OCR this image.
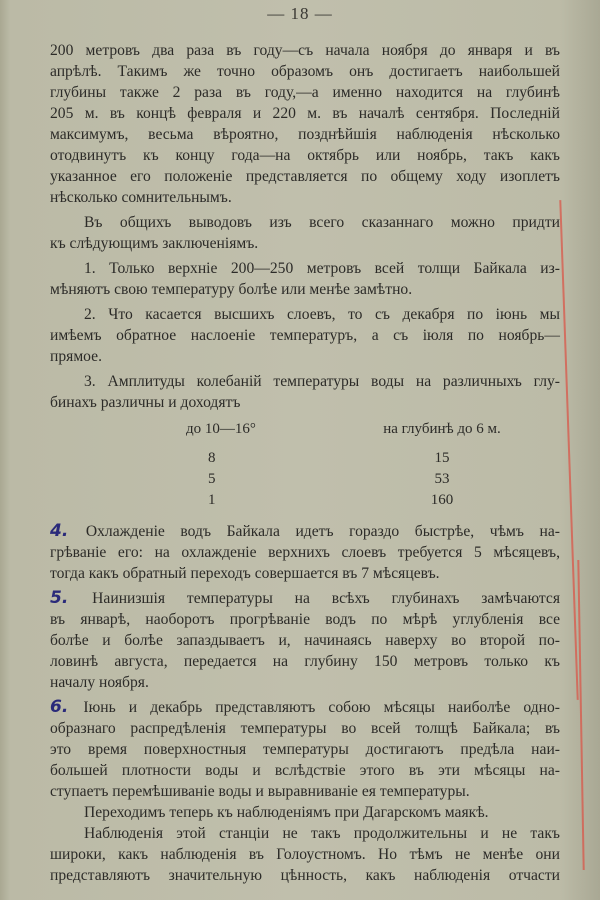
— 18 —
200 метровъ два раза въ году—съ начала ноября до января и въ
апрѣлѣ. Такимъ же точно образомъ онъ достигаетъ наибольшей
глубины также 2 раза въ году,—а именно находится на глубинѣ
205 м. въ концѣ февраля и 220 м. въ началѣ сентября. Последній
максимумъ, весьма вѣроятно, позднѣйшія наблюденія нѣсколько
отодвинутъ къ концу года—на октябрь или ноябрь, такъ какъ
указанное его положеніе представляется по общему ходу изоплетъ
нѣсколько сомнительнымъ.
Въ общихъ выводовъ изъ всего сказаннаго можно придти
къ слѣдующимъ заключеніямъ.
1. Только верхніе 200—250 метровъ всей толщи Байкала из-
мѣняютъ свою температуру болѣе или менѣе замѣтно.
2. Что касается высшихъ слоевъ, то съ декабря по іюнь мы
имѣемъ обратное наслоеніе температуръ, а съ іюля по ноябрь—
прямое.
3. Амплитуды колебаній температуры воды на различныхъ глу-
бинахъ различны и доходятъ
до 10—16°	на глубинѣ до 6 м.
8	15
5	53
1	160
4. Охлажденіе водъ Байкала идетъ гораздо быстрѣе, чѣмъ на-
грѣваніе его: на охлажденіе верхнихъ слоевъ требуется 5 мѣсяцевъ,
тогда какъ обратный переходъ совершается въ 7 мѣсяцевъ.
5. Наинизшія температуры на всѣхъ глубинахъ замѣчаются
въ январѣ, наоборотъ прогрѣваніе водъ по мѣрѣ углубленія все
болѣе и болѣе запаздываетъ и, начинаясь наверху во второй по-
ловинѣ августа, передается на глубину 150 метровъ только къ
началу ноября.
6. Іюнь и декабрь представляютъ собою мѣсяцы наиболѣе одно-
образнаго распредѣленія температуры во всей толщѣ Байкала; въ
это время поверхностныя температуры достигаютъ предѣла наи-
большей плотности воды и вслѣдствіе этого въ эти мѣсяцы на-
ступаетъ перемѣшиваніе воды и выравниваніе ея температуры.
Переходимъ теперь къ наблюденіямъ при Дагарскомъ маякѣ.
Наблюденія этой станціи не такъ продолжительны и не такъ
широки, какъ наблюденія въ Голоустномъ. Но тѣмъ не менѣе они
представляютъ значительную цѣнность, какъ наблюденія отчасти
